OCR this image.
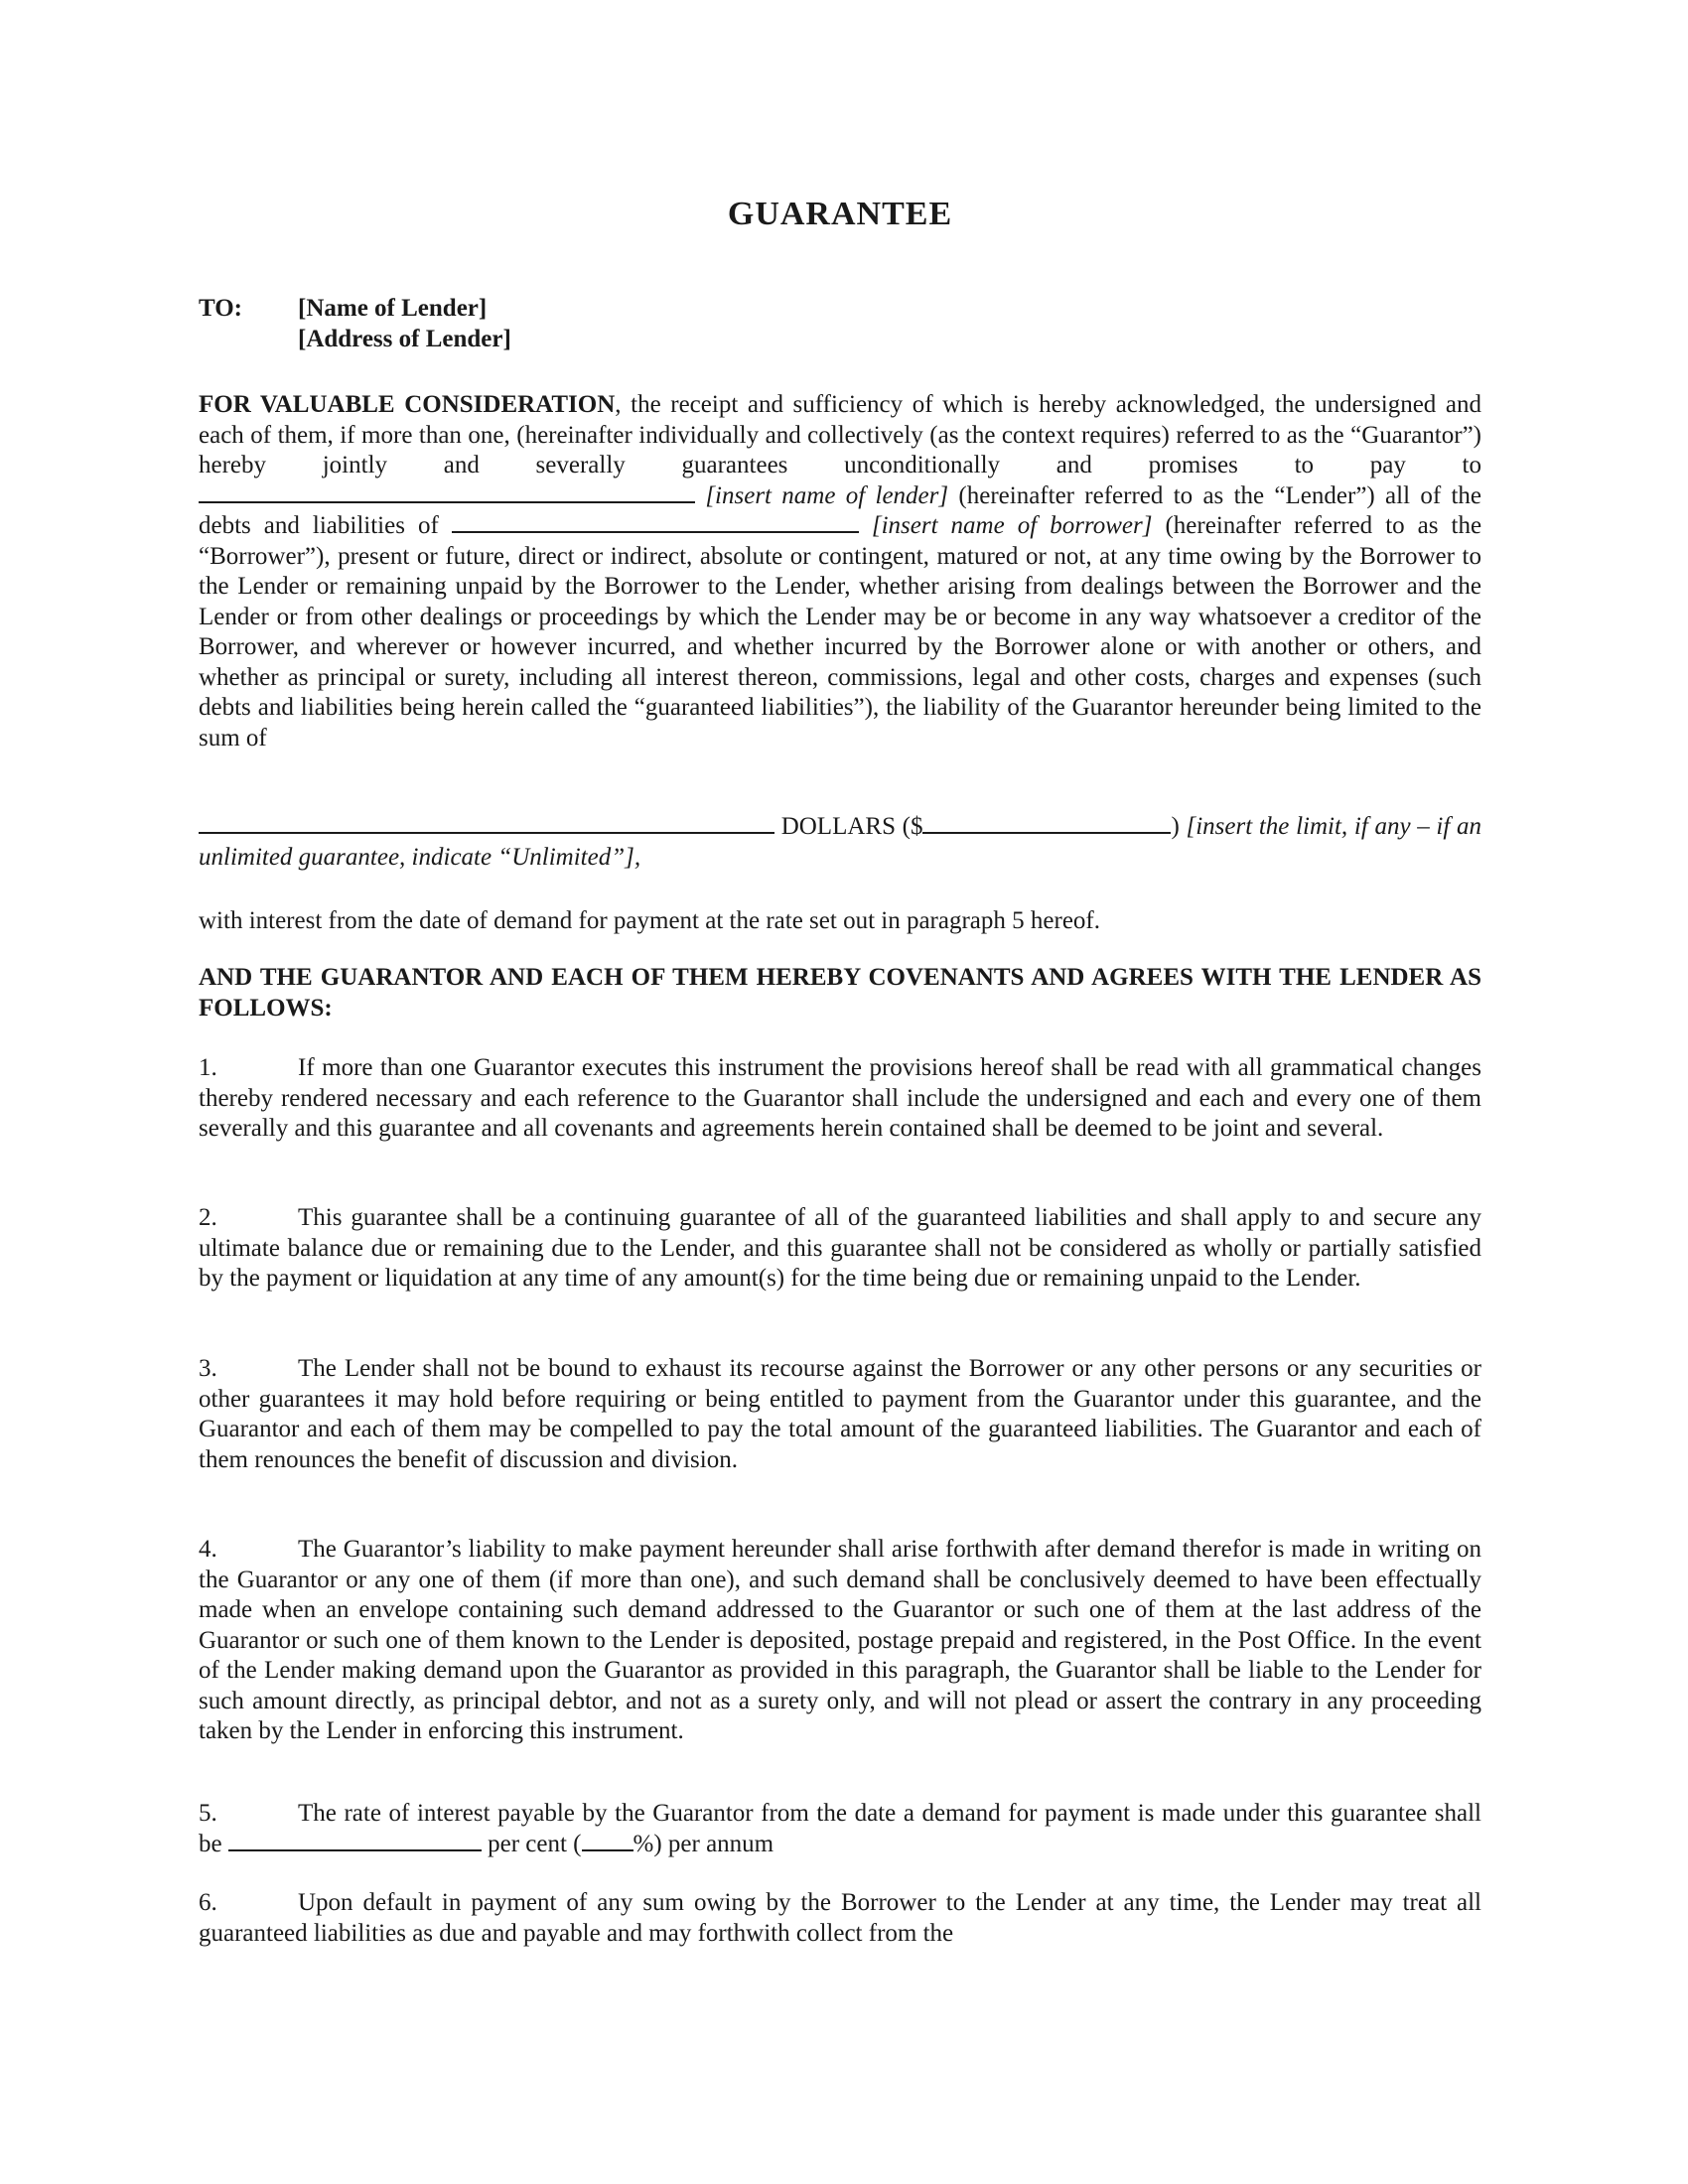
GUARANTEE
TO: [Name of Lender]
[Address of Lender]

FOR VALUABLE CONSIDERATION, the receipt and sufficiency of which is hereby acknowledged, the undersigned and each of them, if more than one, (hereinafter individually and collectively (as the context requires) referred to as the “Guarantor”) hereby jointly and severally guarantees unconditionally and promises to pay to  [insert name of lender] (hereinafter referred to as the “Lender”) all of the debts and liabilities of	[insert name of borrower] (hereinafter referred to as the “Borrower”), present or future, direct or indirect, absolute or contingent, matured or not, at any time owing by the Borrower to the Lender or remaining unpaid by the Borrower to the Lender, whether arising from dealings between the Borrower and the Lender or from other dealings or proceedings by which the Lender may be or become in any way whatsoever a creditor of the Borrower, and wherever or however incurred, and whether incurred by the Borrower alone or with another or others, and whether as principal or surety, including all interest thereon, commissions, legal and other costs, charges and expenses (such debts and liabilities being herein called the “guaranteed liabilities”), the liability of the Guarantor hereunder being limited to the sum of

DOLLARS ($	) [insert the limit, if any – if an unlimited guarantee, indicate “Unlimited”],

with interest from the date of demand for payment at the rate set out in paragraph 5 hereof.

AND THE GUARANTOR AND EACH OF THEM HEREBY COVENANTS AND AGREES WITH THE LENDER AS FOLLOWS:

1.	If more than one Guarantor executes this instrument the provisions hereof shall be read with all grammatical changes thereby rendered necessary and each reference to the Guarantor shall include the undersigned and each and every one of them severally and this guarantee and all covenants and agreements herein contained shall be deemed to be joint and several.

2.	This guarantee shall be a continuing guarantee of all of the guaranteed liabilities and shall apply to and secure any ultimate balance due or remaining due to the Lender, and this guarantee shall not be considered as wholly or partially satisfied by the payment or liquidation at any time of any amount(s) for the time being due or remaining unpaid to the Lender.

3.	The Lender shall not be bound to exhaust its recourse against the Borrower or any other persons or any securities or other guarantees it may hold before requiring or being entitled to payment from the Guarantor under this guarantee, and the Guarantor and each of them may be compelled to pay the total amount of the guaranteed liabilities. The Guarantor and each of them renounces the benefit of discussion and division.

4.	The Guarantor’s liability to make payment hereunder shall arise forthwith after demand therefor is made in writing on the Guarantor or any one of them (if more than one), and such demand shall be conclusively deemed to have been effectually made when an envelope containing such demand addressed to the Guarantor or such one of them at the last address of the Guarantor or such one of them known to the Lender is deposited, postage prepaid and registered, in the Post Office. In the event of the Lender making demand upon the Guarantor as provided in this paragraph, the Guarantor shall be liable to the Lender for such amount directly, as principal debtor, and not as a surety only, and will not plead or assert the contrary in any proceeding taken by the Lender in enforcing this instrument.

5.	The rate of interest payable by the Guarantor from the date a demand for payment is made under this guarantee shall be	per cent ( %) per annum

6.	Upon default in payment of any sum owing by the Borrower to the Lender at any time, the Lender may treat all guaranteed liabilities as due and payable and may forthwith collect from the
